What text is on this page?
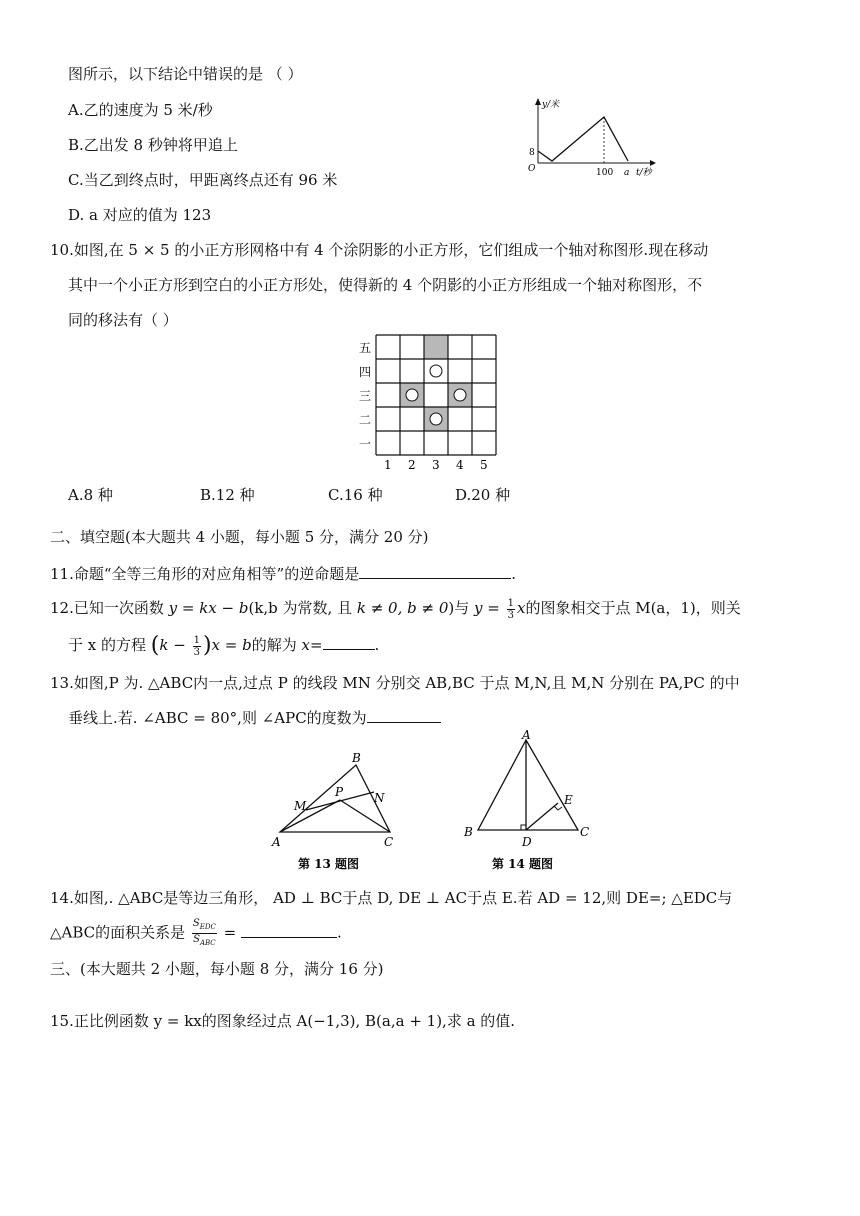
图所示，以下结论中错误的是 （ ）
A.乙的速度为 5 米/秒
B.乙出发 8 秒钟将甲追上
C.当乙到终点时，甲距离终点还有 96 米
D. a 对应的值为 123
y/米
8
O	100 a t/秒
10.如图,在 5 × 5 的小正方形网格中有 4 个涂阴影的小正方形，它们组成一个轴对称图形.现在移动
其中一个小正方形到空白的小正方形处，使得新的 4 个阴影的小正方形组成一个轴对称图形，不
同的移法有（ ）
五
四
三
二
一
1 2 3 4 5
A.8 种	B.12 种	C.16 种	D.20 种
二、填空题(本大题共 4 小题，每小题 5 分，满分 20 分)
11.命题“全等三角形的对应角相等”的逆命题是	.
12.已知一次函数 y = kx − b(k,b 为常数, 且 k ≠ 0, b ≠ 0)与 $y = \frac{1}{3}$ x的图象相交于点 M(a，1)，则关
于 x 的方程 $(k - \frac{1}{3} )x = b$的解为 x=	.
13.如图,P 为. △ABC内一点,过点 P 的线段 MN 分别交 AB,BC 于点 M,N,且 M,N 分别在 PA,PC 的中
垂线上.若. ∠ABC = 80°,则 ∠APC的度数为
B
M
P	N
A	C
第 13 题图
A
E
B
D
C
第 14 题图
14.如图,. △ABC是等边三角形， AD ⊥ BC于点 D, DE ⊥ AC于点 E.若 AD = 12,则 DE=; △EDC与
△ABC的面积关系是 $\frac{S_{EDC}}{S_{ABC}}$ =	.
三、(本大题共 2 小题，每小题 8 分，满分 16 分)
15.正比例函数 y = kx的图象经过点 A(−1,3), B(a,a + 1),求 a 的值.
